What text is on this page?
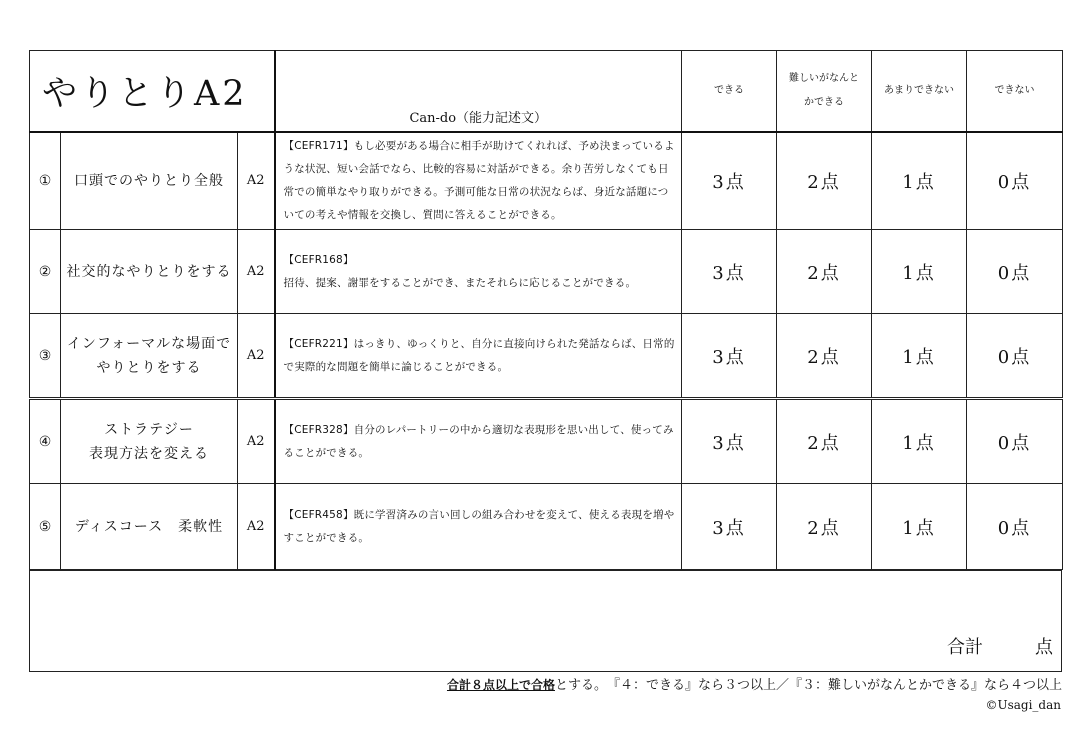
やりとりA2			Can-do（能力記述文）	できる	難しいがなんと
かできる	あまりできない	できない

①	口頭でのやりとり全般	A2	【CEFR171】もし必要がある場合に相手が助けてくれれば、予め決まっているような状況、短い会話でなら、比較的容易に対話ができる。余り苦労しなくても日常での簡単なやり取りができる。予測可能な日常の状況ならば、身近な話題についての考えや情報を交換し、質問に答えることができる。	3点	2点	1点	0点
②	社交的なやりとりをする	A2	【CEFR168】
招待、提案、謝罪をすることができ、またそれらに応じることができる。	3点	2点	1点	0点
③	インフォーマルな場面で
やりとりをする	A2	【CEFR221】はっきり、ゆっくりと、自分に直接向けられた発話ならば、日常的で実際的な問題を簡単に論じることができる。	3点	2点	1点	0点
④	ストラテジー
表現方法を変える	A2	【CEFR328】自分のレパートリーの中から適切な表現形を思い出して、使ってみることができる。	3点	2点	1点	0点
⑤	ディスコース　柔軟性	A2	【CEFR458】既に学習済みの言い回しの組み合わせを変えて、使える表現を増やすことができる。	3点	2点	1点	0点
合計	点
合計８点以上で合格とする。　『４：できる』なら３つ以上／『３：難しいがなんとかできる』なら４つ以上
©Usagi_dan
